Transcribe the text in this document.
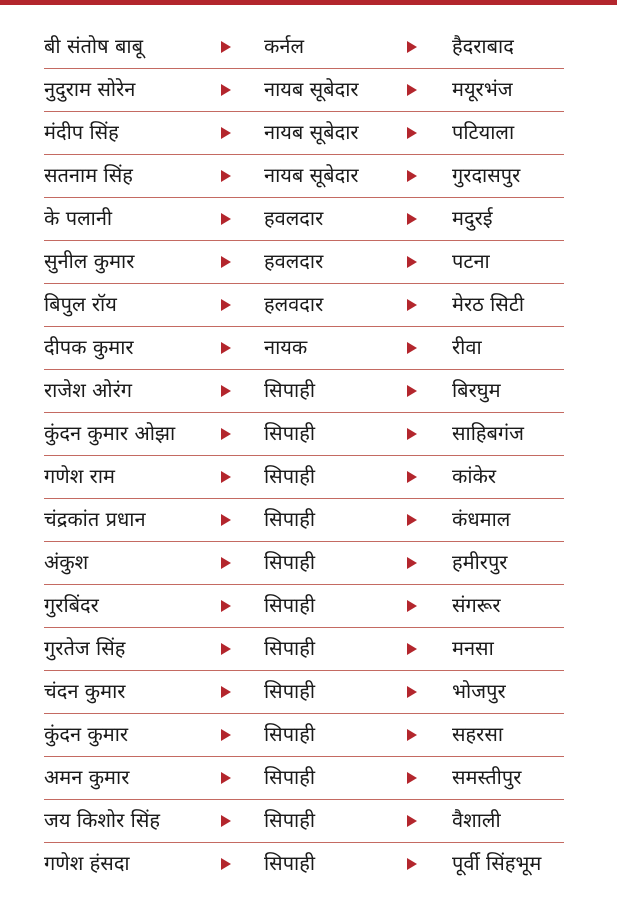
बी संतोष बाबू	कर्नल	हैदराबाद
नुदुराम सोरेन	नायब सूबेदार	मयूरभंज
मंदीप सिंह	नायब सूबेदार	पटियाला
सतनाम सिंह	नायब सूबेदार	गुरदासपुर
के पलानी	हवलदार	मदुरई
सुनील कुमार	हवलदार	पटना
बिपुल रॉय	हलवदार	मेरठ सिटी
दीपक कुमार	नायक	रीवा
राजेश ओरंग	सिपाही	बिरघुम
कुंदन कुमार ओझा	सिपाही	साहिबगंज
गणेश राम	सिपाही	कांकेर
चंद्रकांत प्रधान	सिपाही	कंधमाल
अंकुश	सिपाही	हमीरपुर
गुरबिंदर	सिपाही	संगरूर
गुरतेज सिंह	सिपाही	मनसा
चंदन कुमार	सिपाही	भोजपुर
कुंदन कुमार	सिपाही	सहरसा
अमन कुमार	सिपाही	समस्तीपुर
जय किशोर सिंह	सिपाही	वैशाली
गणेश हंसदा	सिपाही	पूर्वी सिंहभूम
